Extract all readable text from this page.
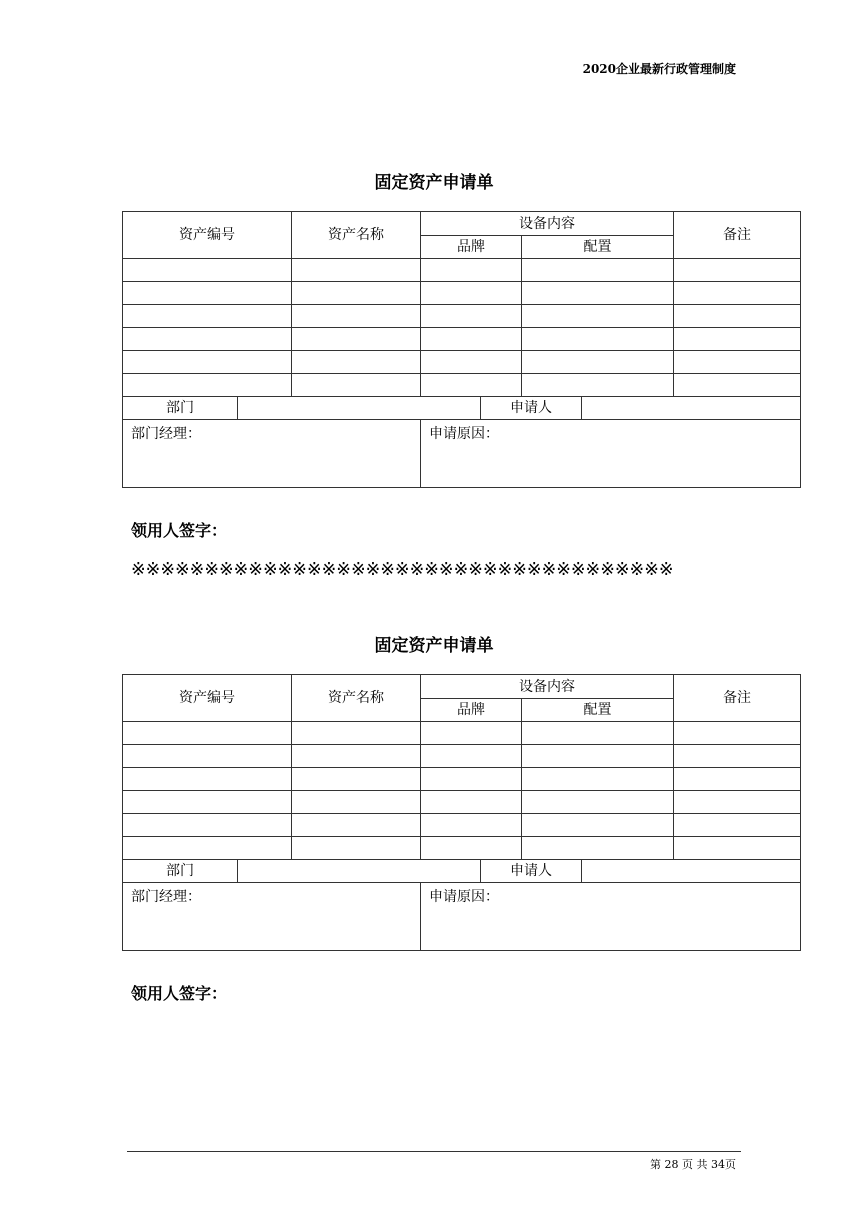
2020企业最新行政管理制度
固定资产申请单
资产编号		资产名称	设备内容				备注
			品牌		配置		

部门				申请人			
部门经理：			申请原因：				
领用人签字：
※※※※※※※※※※※※※※※※※※※※※※※※※※※※※※※※※※※※※
固定资产申请单
资产编号		资产名称	设备内容				备注
			品牌		配置		

部门				申请人			
部门经理：			申请原因：				
领用人签字：
第 28 页 共 34页
